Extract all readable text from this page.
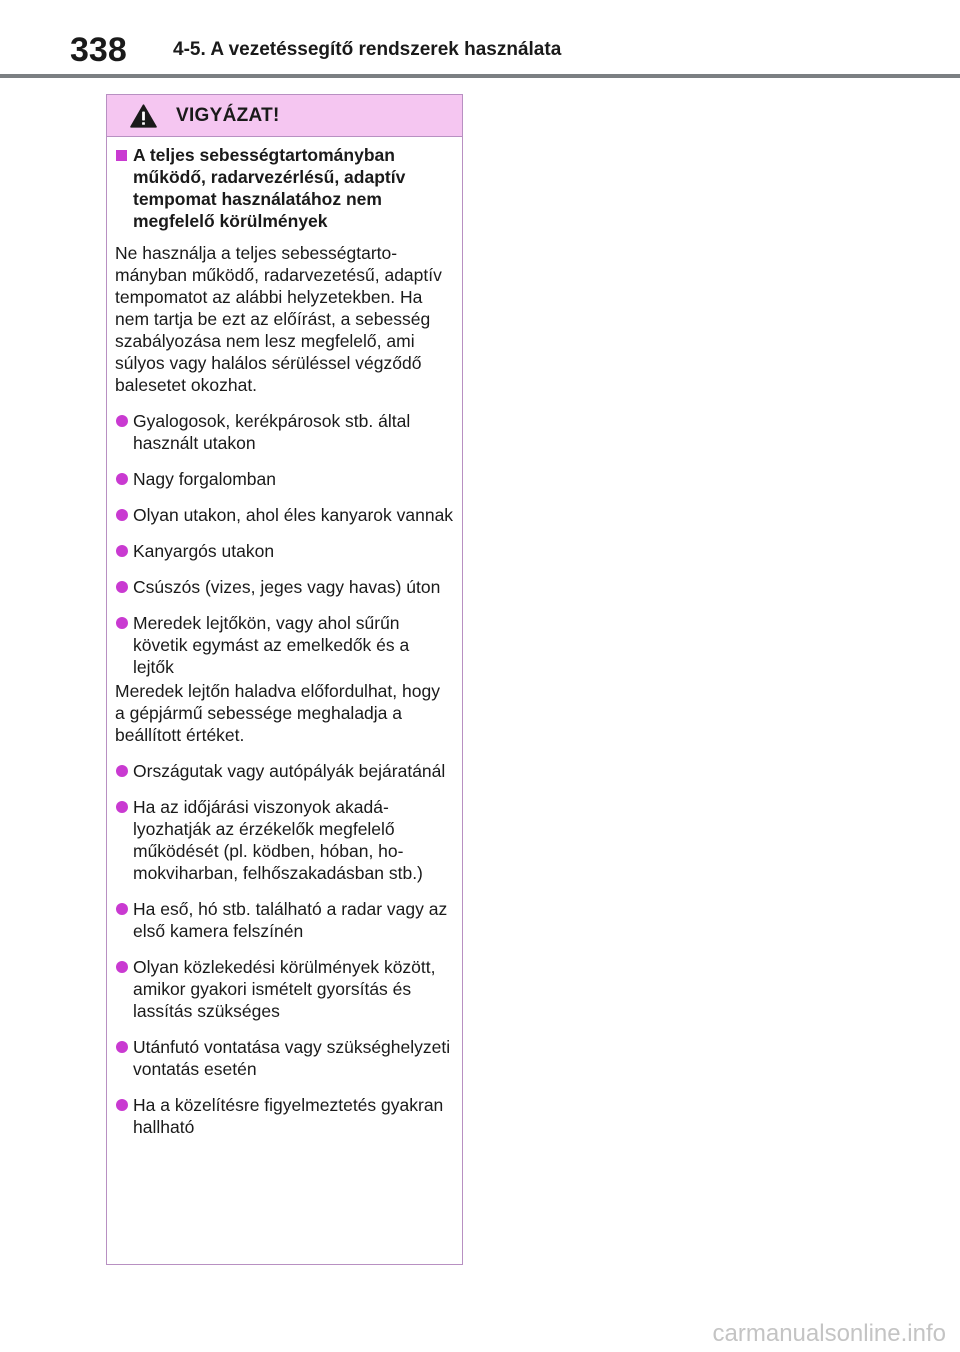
338 4-5. A vezetéssegítő rendszerek használata
VIGYÁZAT!
A teljes sebességtartományban működő, radarvezérlésű, adaptív tempomat használatához nem megfelelő körülmények
Ne használja a teljes sebességtartományban működő, radarvezetésű, adaptív tempomatot az alábbi helyzetekben. Ha nem tartja be ezt az előírást, a sebesség szabályozása nem lesz megfelelő, ami súlyos vagy halálos sérüléssel végződő balesetet okozhat.
Gyalogosok, kerékpárosok stb. által használt utakon
Nagy forgalomban
Olyan utakon, ahol éles kanyarok vannak
Kanyargós utakon
Csúszós (vizes, jeges vagy havas) úton
Meredek lejtőkön, vagy ahol sűrűn követik egymást az emelkedők és a lejtők
Meredek lejtőn haladva előfordulhat, hogy a gépjármű sebessége meghaladja a beállított értéket.
Országutak vagy autópályák bejáratánál
Ha az időjárási viszonyok akadályozhatják az érzékelők megfelelő működését (pl. ködben, hóban, homokviharban, felhőszakadásban stb.)
Ha eső, hó stb. található a radar vagy az első kamera felszínén
Olyan közlekedési körülmények között, amikor gyakori ismételt gyorsítás és lassítás szükséges
Utánfutó vontatása vagy szükséghelyzeti vontatás esetén
Ha a közelítésre figyelmeztetés gyakran hallható
carmanualsonline.info
